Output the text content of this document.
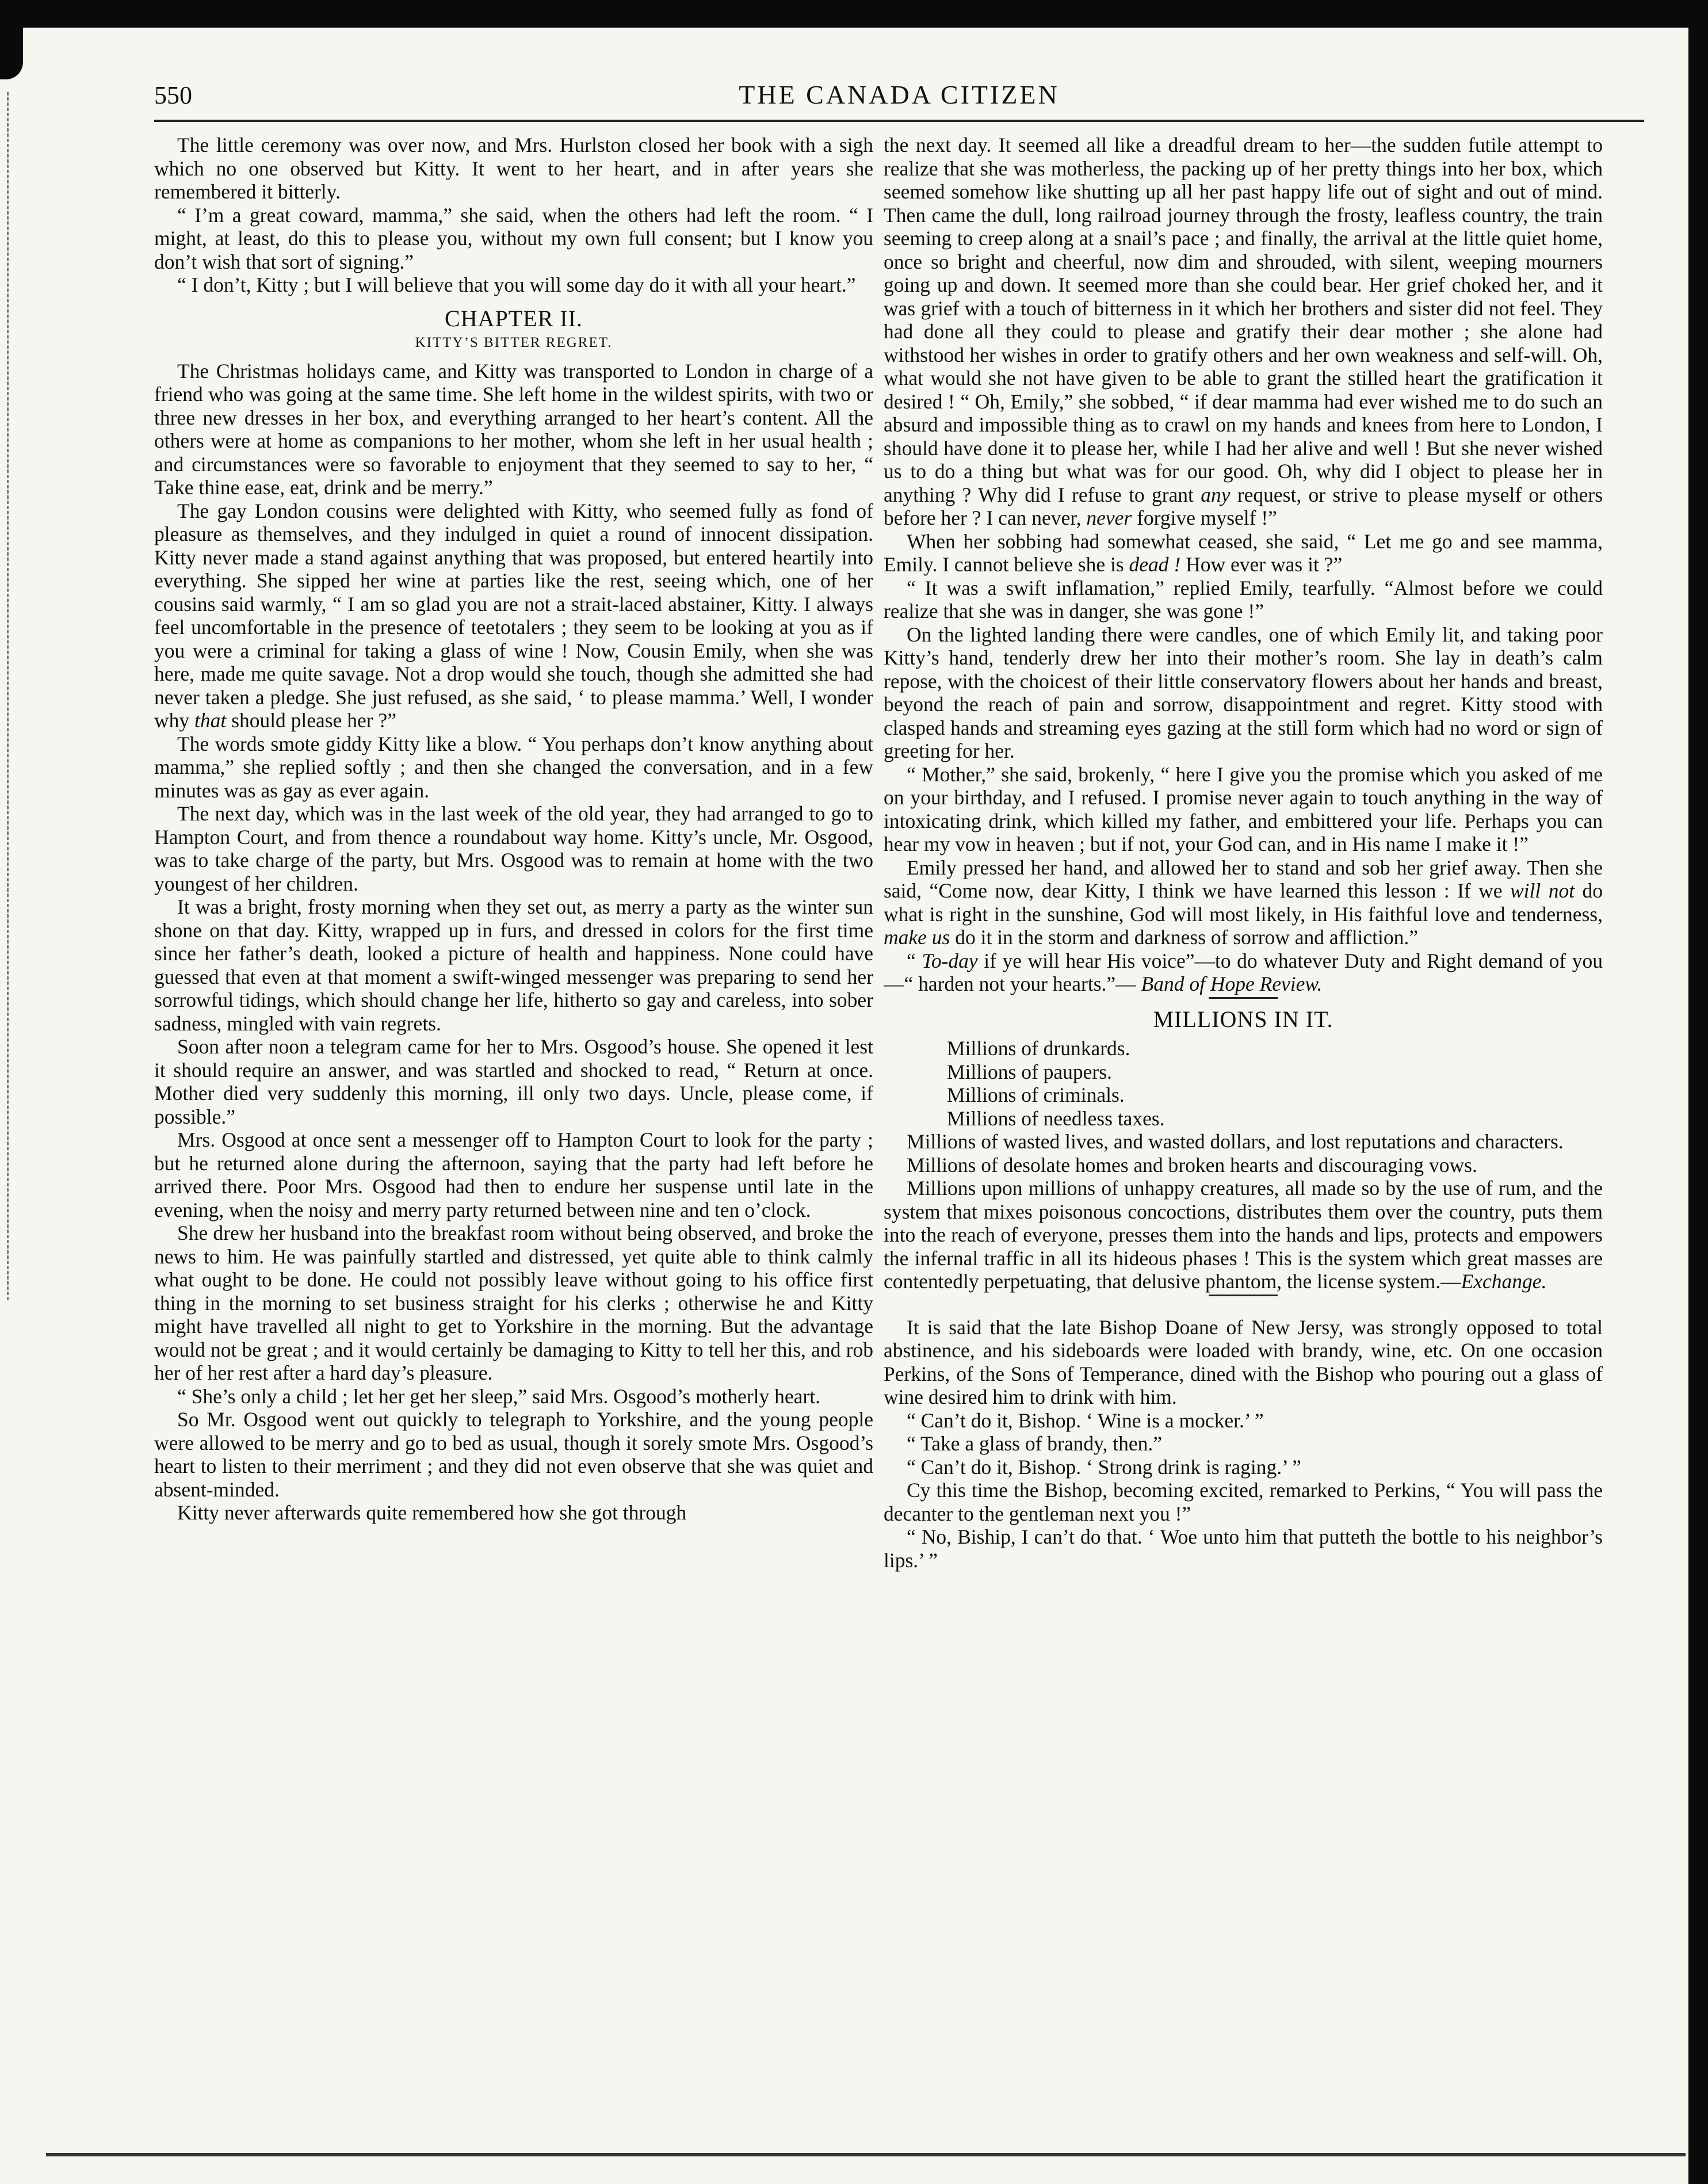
550	THE CANADA CITIZEN

The little ceremony was over now, and Mrs. Hurlston closed her book with a sigh which no one observed but Kitty. It went to her heart, and in after years she remembered it bitterly.

“ I’m a great coward, mamma,” she said, when the others had left the room. “ I might, at least, do this to please you, without my own full consent; but I know you don’t wish that sort of signing.”

“ I don’t, Kitty ; but I will believe that you will some day do it with all your heart.”

CHAPTER II.
KITTY’S BITTER REGRET.

The Christmas holidays came, and Kitty was transported to London in charge of a friend who was going at the same time. She left home in the wildest spirits, with two or three new dresses in her box, and everything arranged to her heart’s content. All the others were at home as companions to her mother, whom she left in her usual health ; and circumstances were so favorable to enjoyment that they seemed to say to her, “ Take thine ease, eat, drink and be merry.”

The gay London cousins were delighted with Kitty, who seemed fully as fond of pleasure as themselves, and they indulged in quiet a round of innocent dissipation. Kitty never made a stand against anything that was proposed, but entered heartily into everything. She sipped her wine at parties like the rest, seeing which, one of her cousins said warmly, “ I am so glad you are not a strait-laced abstainer, Kitty. I always feel uncomfortable in the presence of teetotalers ; they seem to be looking at you as if you were a criminal for taking a glass of wine ! Now, Cousin Emily, when she was here, made me quite savage. Not a drop would she touch, though she admitted she had never taken a pledge. She just refused, as she said, ‘ to please mamma.’ Well, I wonder why that should please her ?”

The words smote giddy Kitty like a blow. “ You perhaps don’t know anything about mamma,” she replied softly ; and then she changed the conversation, and in a few minutes was as gay as ever again.

The next day, which was in the last week of the old year, they had arranged to go to Hampton Court, and from thence a roundabout way home. Kitty’s uncle, Mr. Osgood, was to take charge of the party, but Mrs. Osgood was to remain at home with the two youngest of her children.

It was a bright, frosty morning when they set out, as merry a party as the winter sun shone on that day. Kitty, wrapped up in furs, and dressed in colors for the first time since her father’s death, looked a picture of health and happiness. None could have guessed that even at that moment a swift-winged messenger was preparing to send her sorrowful tidings, which should change her life, hitherto so gay and careless, into sober sadness, mingled with vain regrets.

Soon after noon a telegram came for her to Mrs. Osgood’s house. She opened it lest it should require an answer, and was startled and shocked to read, “ Return at once. Mother died very suddenly this morning, ill only two days. Uncle, please come, if possible.”

Mrs. Osgood at once sent a messenger off to Hampton Court to look for the party ; but he returned alone during the afternoon, saying that the party had left before he arrived there. Poor Mrs. Osgood had then to endure her suspense until late in the evening, when the noisy and merry party returned between nine and ten o’clock.

She drew her husband into the breakfast room without being observed, and broke the news to him. He was painfully startled and distressed, yet quite able to think calmly what ought to be done. He could not possibly leave without going to his office first thing in the morning to set business straight for his clerks ; otherwise he and Kitty might have travelled all night to get to Yorkshire in the morning. But the advantage would not be great ; and it would certainly be damaging to Kitty to tell her this, and rob her of her rest after a hard day’s pleasure.

“ She’s only a child ; let her get her sleep,” said Mrs. Osgood’s motherly heart.

So Mr. Osgood went out quickly to telegraph to Yorkshire, and the young people were allowed to be merry and go to bed as usual, though it sorely smote Mrs. Osgood’s heart to listen to their merriment ; and they did not even observe that she was quiet and absent-minded.

Kitty never afterwards quite remembered how she got through

the next day. It seemed all like a dreadful dream to her—the sudden futile attempt to realize that she was motherless, the packing up of her pretty things into her box, which seemed somehow like shutting up all her past happy life out of sight and out of mind. Then came the dull, long railroad journey through the frosty, leafless country, the train seeming to creep along at a snail’s pace ; and finally, the arrival at the little quiet home, once so bright and cheerful, now dim and shrouded, with silent, weeping mourners going up and down. It seemed more than she could bear. Her grief choked her, and it was grief with a touch of bitterness in it which her brothers and sister did not feel. They had done all they could to please and gratify their dear mother ; she alone had withstood her wishes in order to gratify others and her own weakness and self-will. Oh, what would she not have given to be able to grant the stilled heart the gratification it desired ! “ Oh, Emily,” she sobbed, “ if dear mamma had ever wished me to do such an absurd and impossible thing as to crawl on my hands and knees from here to London, I should have done it to please her, while I had her alive and well ! But she never wished us to do a thing but what was for our good. Oh, why did I object to please her in anything ? Why did I refuse to grant any request, or strive to please myself or others before her ? I can never, never forgive myself !”

When her sobbing had somewhat ceased, she said, “ Let me go and see mamma, Emily. I cannot believe she is dead ! How ever was it ?”

“ It was a swift inflamation,” replied Emily, tearfully. “Almost before we could realize that she was in danger, she was gone !”

On the lighted landing there were candles, one of which Emily lit, and taking poor Kitty’s hand, tenderly drew her into their mother’s room. She lay in death’s calm repose, with the choicest of their little conservatory flowers about her hands and breast, beyond the reach of pain and sorrow, disappointment and regret. Kitty stood with clasped hands and streaming eyes gazing at the still form which had no word or sign of greeting for her.

“ Mother,” she said, brokenly, “ here I give you the promise which you asked of me on your birthday, and I refused. I promise never again to touch anything in the way of intoxicating drink, which killed my father, and embittered your life. Perhaps you can hear my vow in heaven ; but if not, your God can, and in His name I make it !”

Emily pressed her hand, and allowed her to stand and sob her grief away. Then she said, “Come now, dear Kitty, I think we have learned this lesson : If we will not do what is right in the sunshine, God will most likely, in His faithful love and tenderness, make us do it in the storm and darkness of sorrow and affliction.”

“ To-day if ye will hear His voice”—to do whatever Duty and Right demand of you—“ harden not your hearts.”— Band of Hope Review.

MILLIONS IN IT.

Millions of drunkards.

Millions of paupers.

Millions of criminals.

Millions of needless taxes.

Millions of wasted lives, and wasted dollars, and lost reputations and characters.

Millions of desolate homes and broken hearts and discouraging vows.

Millions upon millions of unhappy creatures, all made so by the use of rum, and the system that mixes poisonous concoctions, distributes them over the country, puts them into the reach of everyone, presses them into the hands and lips, protects and empowers the infernal traffic in all its hideous phases ! This is the system which great masses are contentedly perpetuating, that delusive phantom, the license system.—Exchange.

It is said that the late Bishop Doane of New Jersy, was strongly opposed to total abstinence, and his sideboards were loaded with brandy, wine, etc. On one occasion Perkins, of the Sons of Temperance, dined with the Bishop who pouring out a glass of wine desired him to drink with him.

“ Can’t do it, Bishop. ‘ Wine is a mocker.’ ”

“ Take a glass of brandy, then.”

“ Can’t do it, Bishop. ‘ Strong drink is raging.’ ”

Cy this time the Bishop, becoming excited, remarked to Perkins, “ You will pass the decanter to the gentleman next you !”

“ No, Biship, I can’t do that. ‘ Woe unto him that putteth the bottle to his neighbor’s lips.’ ”
